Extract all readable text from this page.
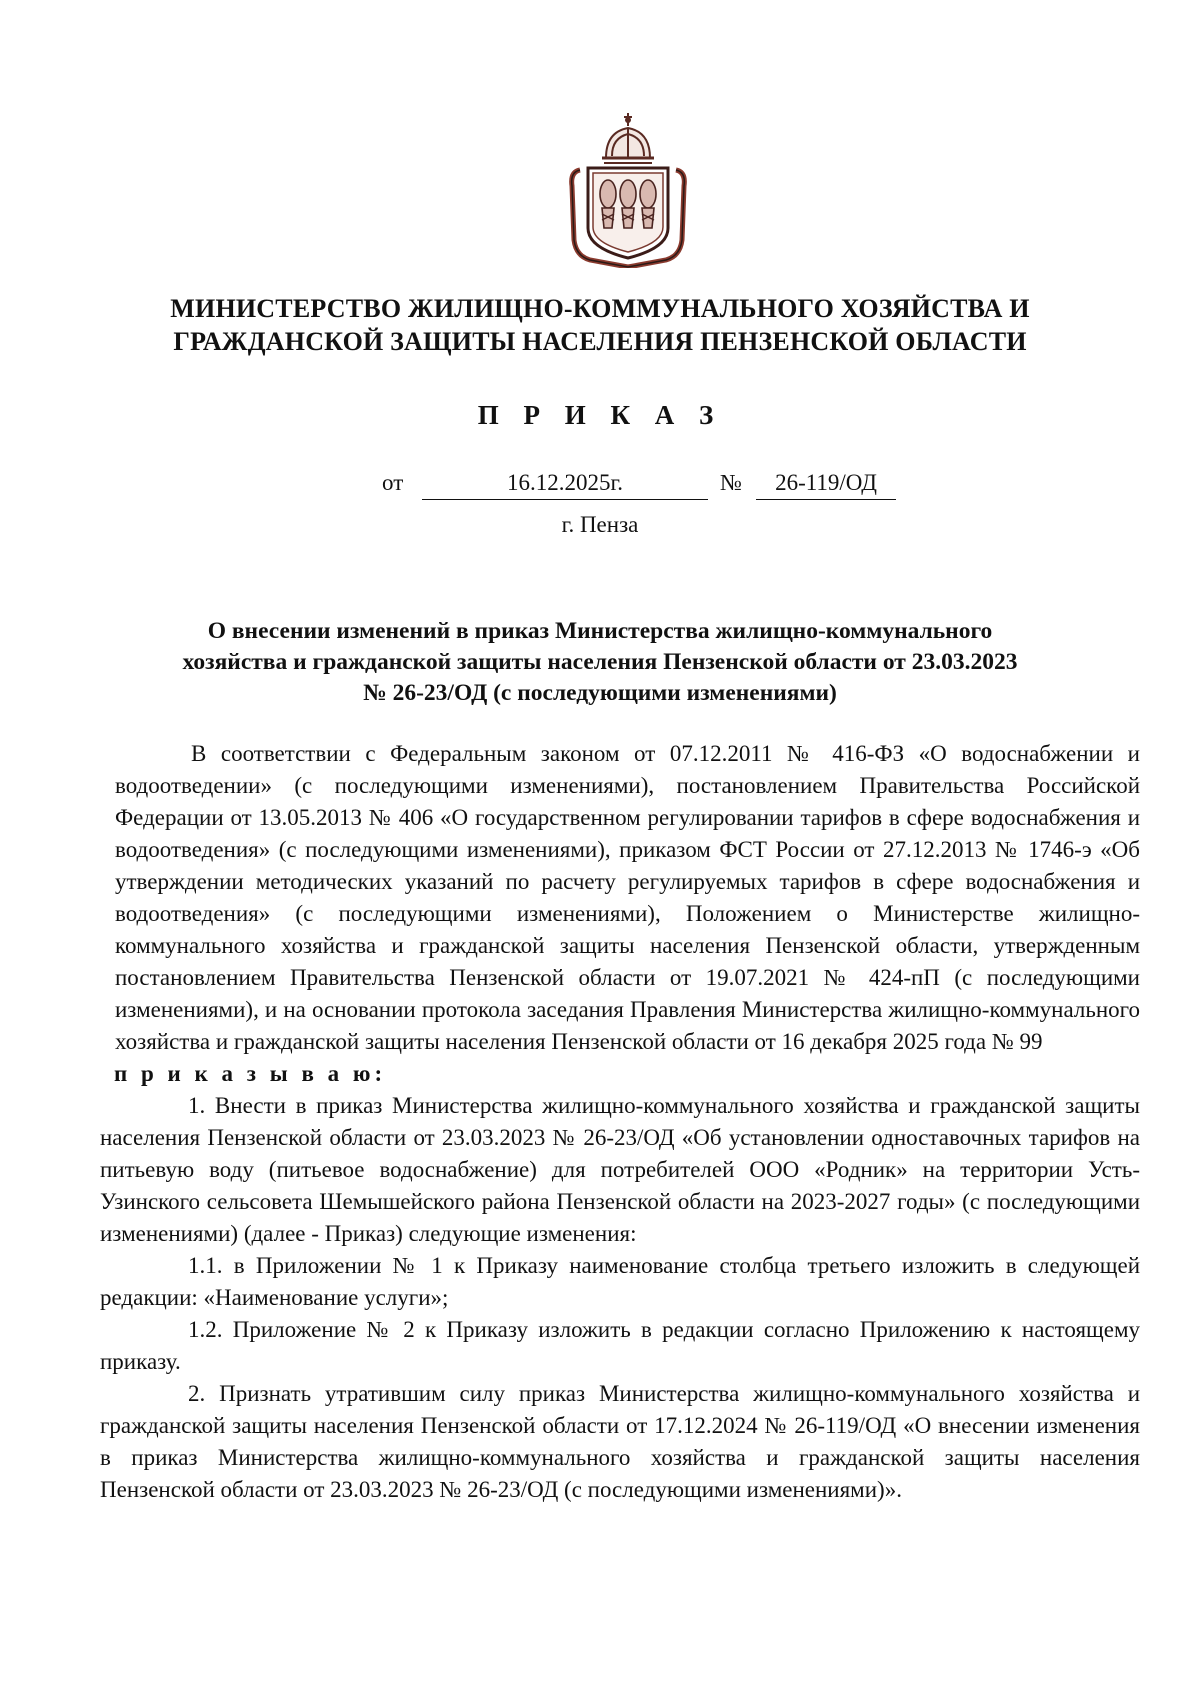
МИНИСТЕРСТВО ЖИЛИЩНО-КОММУНАЛЬНОГО ХОЗЯЙСТВА И
ГРАЖДАНСКОЙ ЗАЩИТЫ НАСЕЛЕНИЯ ПЕНЗЕНСКОЙ ОБЛАСТИ
П Р И К А З
от	16.12.2025г.	№	26-119/ОД
г. Пенза
О внесении изменений в приказ Министерства жилищно-коммунального
хозяйства и гражданской защиты населения Пензенской области от 23.03.2023
№ 26-23/ОД (с последующими изменениями)

В соответствии с Федеральным законом от 07.12.2011 № 416-ФЗ «О водоснабжении и водоотведении» (с последующими изменениями), постановлением Правительства Российской Федерации от 13.05.2013 № 406 «О государственном регулировании тарифов в сфере водоснабжения и водоотведения» (с последующими изменениями), приказом ФСТ России от 27.12.2013 № 1746-э «Об утверждении методических указаний по расчету регулируемых тарифов в сфере водоснабжения и водоотведения» (с последующими изменениями), Положением о Министерстве жилищно-коммунального хозяйства и гражданской защиты населения Пензенской области, утвержденным постановлением Правительства Пензенской области от 19.07.2021 № 424-пП (с последующими изменениями), и на основании протокола заседания Правления Министерства жилищно-коммунального хозяйства и гражданской защиты населения Пензенской области от 16 декабря 2025 года № 99

п р и к а з ы в а ю:

1. Внести в приказ Министерства жилищно-коммунального хозяйства и гражданской защиты населения Пензенской области от 23.03.2023 № 26-23/ОД «Об установлении одноставочных тарифов на питьевую воду (питьевое водоснабжение) для потребителей ООО «Родник» на территории Усть-Узинского сельсовета Шемышейского района Пензенской области на 2023-2027 годы» (с последующими изменениями) (далее - Приказ) следующие изменения:

1.1. в Приложении № 1 к Приказу наименование столбца третьего изложить в следующей редакции: «Наименование услуги»;

1.2. Приложение № 2 к Приказу изложить в редакции согласно Приложению к настоящему приказу.

2. Признать утратившим силу приказ Министерства жилищно-коммунального хозяйства и гражданской защиты населения Пензенской области от 17.12.2024 № 26-119/ОД «О внесении изменения в приказ Министерства жилищно-коммунального хозяйства и гражданской защиты населения Пензенской области от 23.03.2023 № 26-23/ОД (с последующими изменениями)».
